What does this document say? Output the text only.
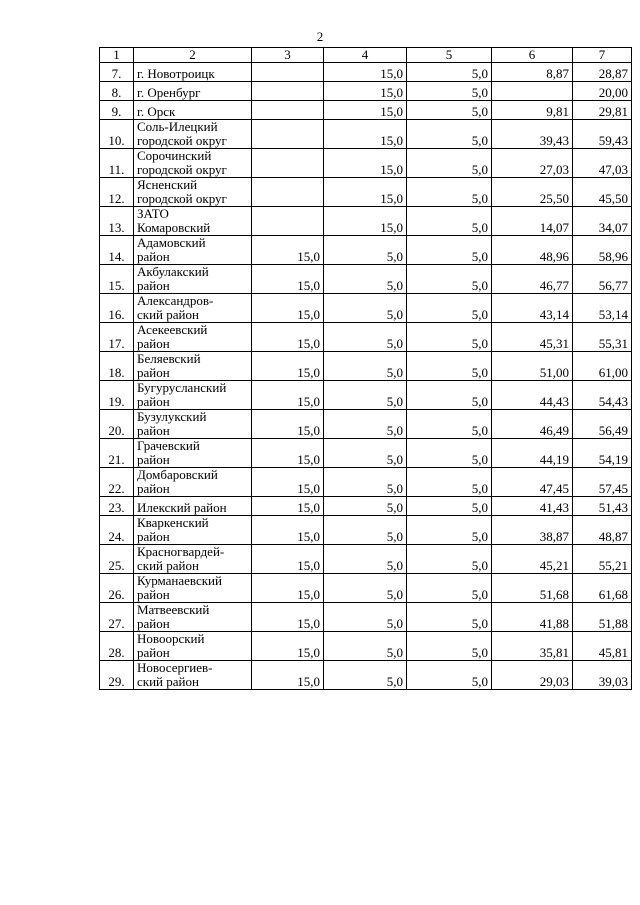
2
1	2	3	4	5	6	7
7.	г. Новотроицк		15,0	5,0	8,87	28,87
8.	г. Оренбург		15,0	5,0		20,00
9.	г. Орск		15,0	5,0	9,81	29,81
10.	Соль-Илецкий
городской округ		15,0	5,0	39,43	59,43
11.	Сорочинский
городской округ		15,0	5,0	27,03	47,03
12.	Ясненский
городской округ		15,0	5,0	25,50	45,50
13.	ЗАТО
Комаровский		15,0	5,0	14,07	34,07
14.	Адамовский
район	15,0	5,0	5,0	48,96	58,96
15.	Акбулакский
район	15,0	5,0	5,0	46,77	56,77
16.	Александров-
ский район	15,0	5,0	5,0	43,14	53,14
17.	Асекеевский
район	15,0	5,0	5,0	45,31	55,31
18.	Беляевский
район	15,0	5,0	5,0	51,00	61,00
19.	Бугурусланский
район	15,0	5,0	5,0	44,43	54,43
20.	Бузулукский
район	15,0	5,0	5,0	46,49	56,49
21.	Грачевский
район	15,0	5,0	5,0	44,19	54,19
22.	Домбаровский
район	15,0	5,0	5,0	47,45	57,45
23.	Илекский район	15,0	5,0	5,0	41,43	51,43
24.	Кваркенский
район	15,0	5,0	5,0	38,87	48,87
25.	Красногвардей-
ский район	15,0	5,0	5,0	45,21	55,21
26.	Курманаевский
район	15,0	5,0	5,0	51,68	61,68
27.	Матвеевский
район	15,0	5,0	5,0	41,88	51,88
28.	Новоорский
район	15,0	5,0	5,0	35,81	45,81
29.	Новосергиев-
ский район	15,0	5,0	5,0	29,03	39,03
